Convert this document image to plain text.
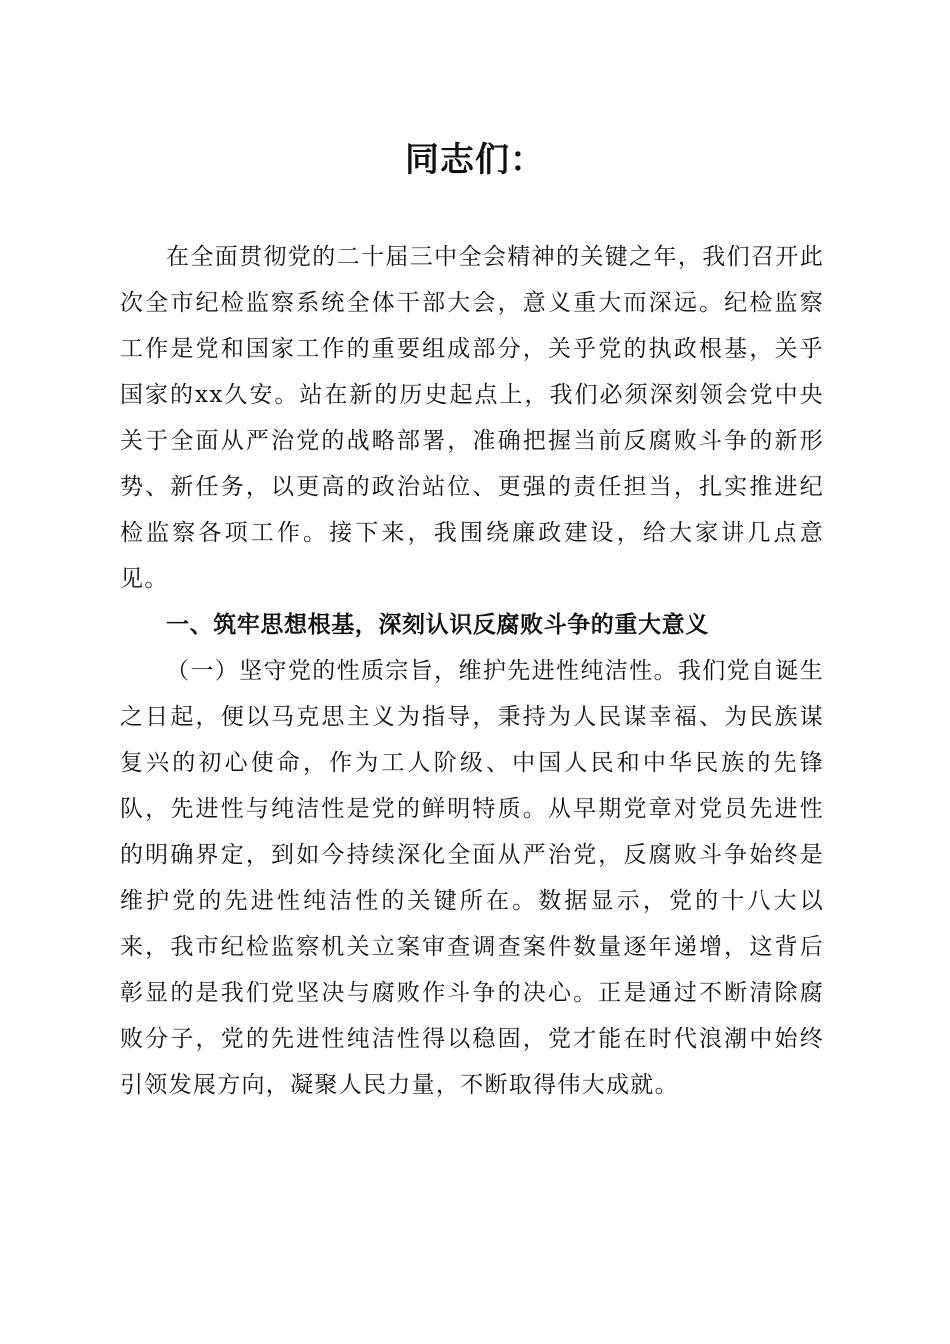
同志们：

在全面贯彻党的二十届三中全会精神的关键之年，我们召开此次全市纪检监察系统全体干部大会，意义重大而深远。纪检监察工作是党和国家工作的重要组成部分，关乎党的执政根基，关乎国家的xx久安。站在新的历史起点上，我们必须深刻领会党中央关于全面从严治党的战略部署，准确把握当前反腐败斗争的新形势、新任务，以更高的政治站位、更强的责任担当，扎实推进纪检监察各项工作。接下来，我围绕廉政建设，给大家讲几点意见。

一、筑牢思想根基，深刻认识反腐败斗争的重大意义

（一）坚守党的性质宗旨，维护先进性纯洁性。我们党自诞生之日起，便以马克思主义为指导，秉持为人民谋幸福、为民族谋复兴的初心使命，作为工人阶级、中国人民和中华民族的先锋队，先进性与纯洁性是党的鲜明特质。从早期党章对党员先进性的明确界定，到如今持续深化全面从严治党，反腐败斗争始终是维护党的先进性纯洁性的关键所在。数据显示，党的十八大以来，我市纪检监察机关立案审查调查案件数量逐年递增，这背后彰显的是我们党坚决与腐败作斗争的决心。正是通过不断清除腐败分子，党的先进性纯洁性得以稳固，党才能在时代浪潮中始终引领发展方向，凝聚人民力量，不断取得伟大成就。
